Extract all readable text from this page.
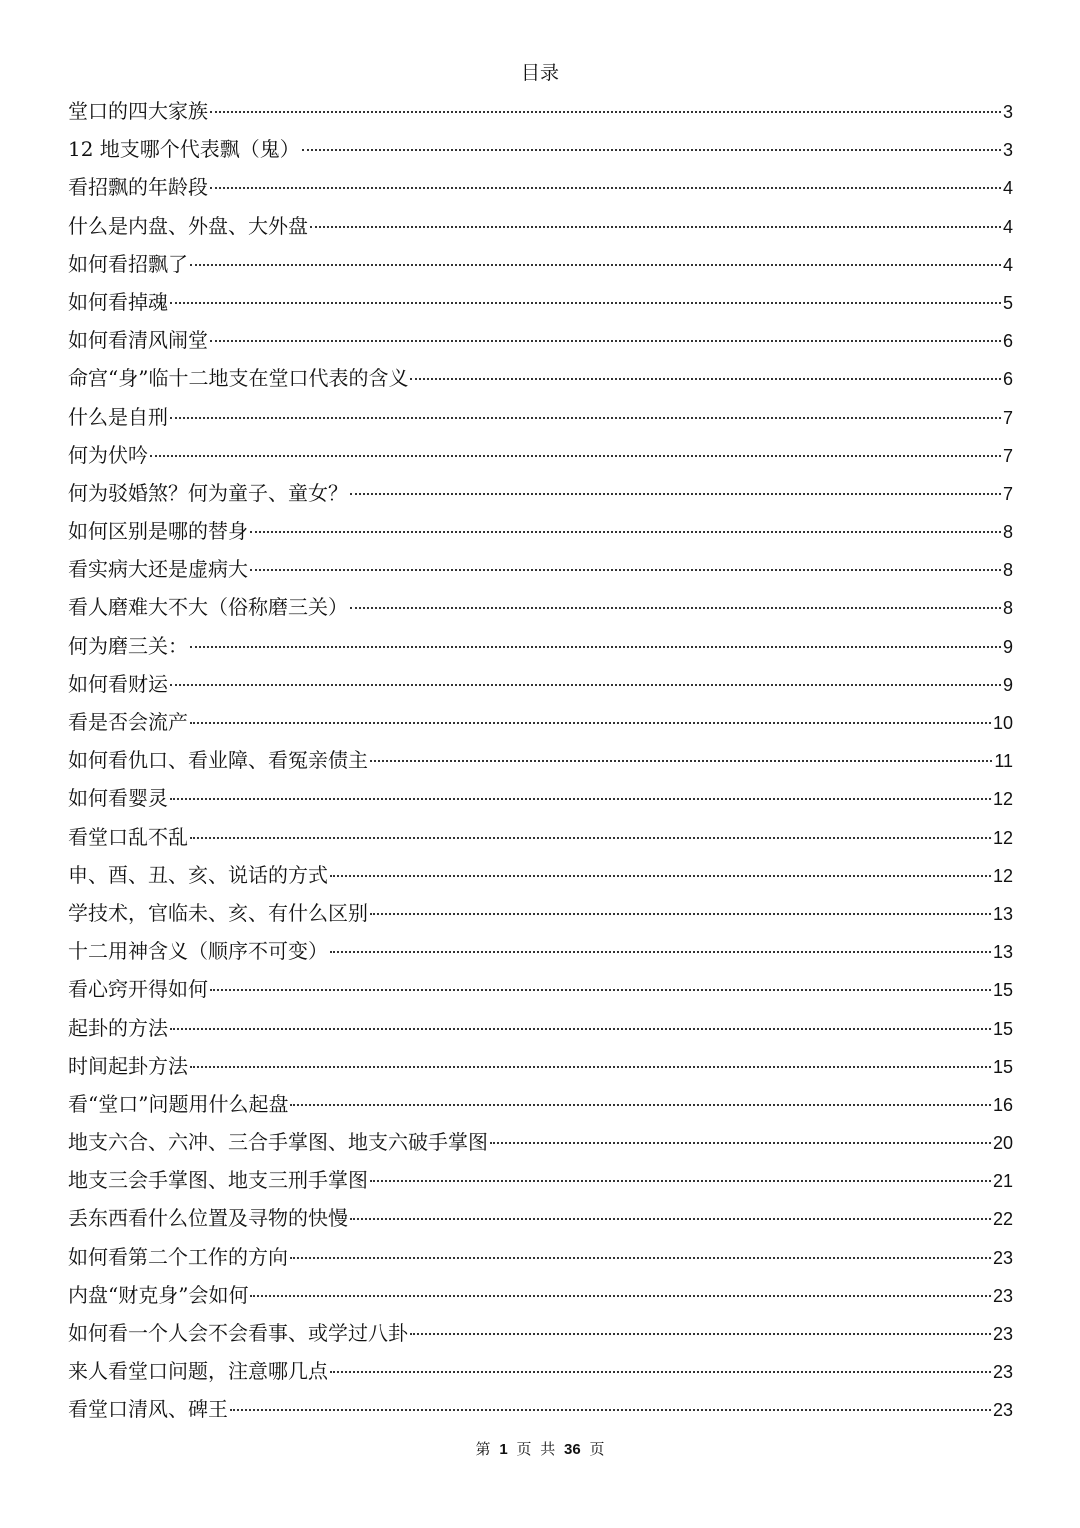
目录
堂口的四大家族	3
12 地支哪个代表飘（鬼）	3
看招飘的年龄段	4
什么是内盘、外盘、大外盘	4
如何看招飘了	4
如何看掉魂	5
如何看清风闹堂	6
命宫“身”临十二地支在堂口代表的含义	6
什么是自刑	7
何为伏吟	7
何为驳婚煞？何为童子、童女？	7
如何区别是哪的替身	8
看实病大还是虚病大	8
看人磨难大不大（俗称磨三关）	8
何为磨三关：	9
如何看财运	9
看是否会流产	10
如何看仇口、看业障、看冤亲债主	11
如何看婴灵	12
看堂口乱不乱	12
申、酉、丑、亥、说话的方式	12
学技术，官临未、亥、有什么区别	13
十二用神含义（顺序不可变）	13
看心窍开得如何	15
起卦的方法	15
时间起卦方法	15
看“堂口”问题用什么起盘	16
地支六合、六冲、三合手掌图、地支六破手掌图	20
地支三会手掌图、地支三刑手掌图	21
丢东西看什么位置及寻物的快慢	22
如何看第二个工作的方向	23
内盘“财克身”会如何	23
如何看一个人会不会看事、或学过八卦	23
来人看堂口问题，注意哪几点	23
看堂口清风、碑王	23
第 1 页 共 36 页
